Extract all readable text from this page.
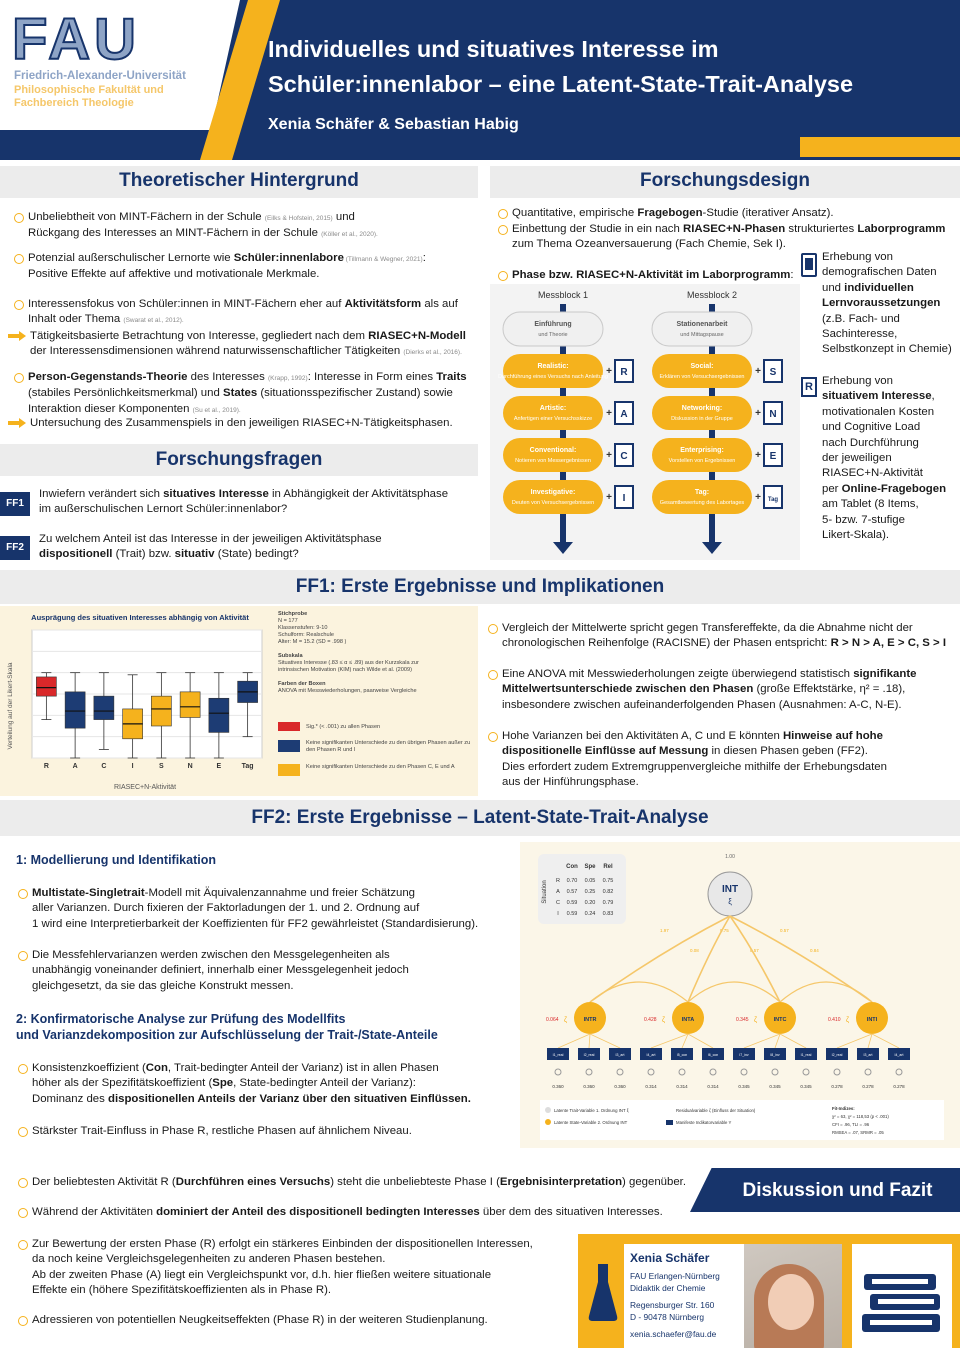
FAU
Friedrich-Alexander-Universität
Philosophische Fakultät und
Fachbereich Theologie
Individuelles und situatives Interesse im
Schüler:innenlabor – eine Latent-State-Trait-Analyse
Xenia Schäfer & Sebastian Habig
Theoretischer Hintergrund
Unbeliebtheit von MINT-Fächern in der Schule (Eilks & Hofstein, 2015) und
Rückgang des Interesses an MINT-Fächern in der Schule (Köller et al., 2020).
Potenzial außerschulischer Lernorte wie Schüler:innenlabore (Tillmann & Wegner, 2021):
Positive Effekte auf affektive und motivationale Merkmale.
Interessensfokus von Schüler:innen in MINT-Fächern eher auf Aktivitätsform als auf
Inhalt oder Thema (Swarat et al., 2012).
Tätigkeitsbasierte Betrachtung von Interesse, gegliedert nach dem RIASEC+N-Modell
der Interessensdimensionen während naturwissenschaftlicher Tätigkeiten (Dierks et al., 2016).
Person-Gegenstands-Theorie des Interesses (Krapp, 1992): Interesse in Form eines Traits
(stabiles Persönlichkeitsmerkmal) und States (situationsspezifischer Zustand) sowie
Interaktion dieser Komponenten (Su et al., 2019).
Untersuchung des Zusammenspiels in den jeweiligen RIASEC+N-Tätigkeitsphasen.
Forschungsfragen
FF1
Inwiefern verändert sich situatives Interesse in Abhängigkeit der Aktivitätsphase
im außerschulischen Lernort Schüler:innenlabor?
FF2
Zu welchem Anteil ist das Interesse in der jeweiligen Aktivitätsphase
dispositionell (Trait) bzw. situativ (State) bedingt?
Forschungsdesign
Quantitative, empirische Fragebogen-Studie (iterativer Ansatz).
Einbettung der Studie in ein nach RIASEC+N-Phasen strukturiertes Laborprogramm
zum Thema Ozeanversauerung (Fach Chemie, Sek I).
Phase bzw. RIASEC+N-Aktivität im Laborprogramm:
Messblock 1	Messblock 2
Einführung
und Theorie
Realistic:
Durchführung eines Versuchs nach Anleitung
+ R
Artistic:
Anfertigen einer Versuchsskizze + A
Conventional:
Notieren von Messergebnissen + C
Investigative:
Deuten von Versuchsergebnissen + I
Stationenarbeit
und Mittagspause
Social:
Erklären von Versuchsergebnissen + S
Networking:
Diskussion in der Gruppe + N
Enterprising:
Vorstellen von Ergebnissen + E
Tag:
Gesamtbewertung des Labortages + Tag
Erhebung von
demografischen Daten
und individuellen
Lernvoraussetzungen
(z.B. Fach- und
Sachinteresse,
Selbstkonzept in Chemie)
R Erhebung von
situativem Interesse,
motivationalen Kosten
und Cognitive Load
nach Durchführung
der jeweiligen
RIASEC+N-Aktivität
per Online-Fragebogen
am Tablet (8 Items,
5- bzw. 7-stufige
Likert-Skala).
FF1: Erste Ergebnisse und Implikationen
Ausprägung des situativen Interesses abhängig von Aktivität
Verteilung auf der Likert-Skala
RIASEC+N-Aktivität
R	A	C	I	S	N	E	Tag
Stichprobe
N = 177
Klassenstufen: 9-10
Schulform: Realschule
Alter: M = 15.2 (SD = .998 )

Subskala
Situatives Interesse (.83 ≤ α ≤ .89) aus der Kurzskala zur
intrinsischen Motivation (KIM) nach Wilde et al. (2009)

Farben der Boxen
ANOVA mit Messwiederholungen, paarweise Vergleiche
Sig.* (< .001) zu allen Phasen
Keine signifikanten Unterschiede zu den übrigen Phasen außer zu den Phasen R und I
Keine signifikanten Unterschiede zu den Phasen C, E und A
Vergleich der Mittelwerte spricht gegen Transfereffekte, da die Abnahme nicht der
chronologischen Reihenfolge (RACISNE) der Phasen entspricht: R > N > A, E > C, S > I
Eine ANOVA mit Messwiederholungen zeigte überwiegend statistisch signifikante
Mittelwertsunterschiede zwischen den Phasen (große Effektstärke, η² = .18),
insbesondere zwischen aufeinanderfolgenden Phasen (Ausnahmen: A-C, N-E).
Hohe Varianzen bei den Aktivitäten A, C und E könnten Hinweise auf hohe
dispositionelle Einflüsse auf Messung in diesen Phasen geben (FF2).
Dies erfordert zudem Extremgruppenvergleiche mithilfe der Erhebungsdaten
aus der Hinführungsphase.
FF2: Erste Ergebnisse – Latent-State-Trait-Analyse
1: Modellierung und Identifikation
Multistate-Singletrait-Modell mit Äquivalenzannahme und freier Schätzung
aller Varianzen. Durch fixieren der Faktorladungen der 1. und 2. Ordnung auf
1 wird eine Interpretierbarkeit der Koeffizienten für FF2 gewährleistet (Standardisierung).
Die Messfehlervarianzen werden zwischen den Messgelegenheiten als
unabhängig voneinander definiert, innerhalb einer Messgelegenheit jedoch
gleichgesetzt, da sie das gleiche Konstrukt messen.
2: Konfirmatorische Analyse zur Prüfung des Modellfits
und Varianzdekomposition zur Aufschlüsselung der Trait-/State-Anteile
Konsistenzkoeffizient (Con, Trait-bedingter Anteil der Varianz) ist in allen Phasen
höher als der Spezifitätskoeffizient (Spe, State-bedingter Anteil der Varianz):
Dominanz des dispositionellen Anteils der Varianz über den situativen Einflüssen.
Stärkster Trait-Einfluss in Phase R, restliche Phasen auf ähnlichem Niveau.
Con Spe Rel
R 0.70 0.05 0.75
A 0.57 0.25 0.82
C 0.59 0.20 0.79
I 0.59 0.24 0.83
Situation
1.00
INT
ξ
1.97
0.08
0.75
0.57
0.57
0.84
INTR
0.064 ζ	INTA
0.428 ζ	INTC
0.345 ζ	INTI
0.410 ζ
I1_real
0.360
I2_real
0.360
I3_art
0.360
I4_art
0.314
I5_con
0.314
I6_con
0.314
I7_inv
0.345
I8_inv
0.345
I1_real
0.345
I2_real
0.278
I3_art
0.278
I4_art
0.278
Latente Trait-Variable 1. Ordnung INT ξ
Latente State-Variable 2. Ordnung INT
Residualvariable ζ (Einfluss der Situation)
Manifeste Indikatorvariable Y
Fit-Indizes:
χ² = 63, χ² = 118,53 (p < .001)
CFI = .96, TLI = .96
RMSEA = .07, SRMR = .05
Der beliebtesten Aktivität R (Durchführen eines Versuchs) steht die unbeliebteste Phase I (Ergebnisinterpretation) gegenüber.
Während der Aktivitäten dominiert der Anteil des dispositionell bedingten Interesses über dem des situativen Interesses.
Zur Bewertung der ersten Phase (R) erfolgt ein stärkeres Einbinden der dispositionellen Interessen,
da noch keine Vergleichsgelegenheiten zu anderen Phasen bestehen.
Ab der zweiten Phase (A) liegt ein Vergleichspunkt vor, d.h. hier fließen weitere situationale
Effekte ein (höhere Spezifitätskoeffizienten als in Phase R).
Adressieren von potentiellen Neugkeitseffekten (Phase R) in der weiteren Studienplanung.
Diskussion und Fazit
Xenia Schäfer
FAU Erlangen-Nürnberg
Didaktik der Chemie

Regensburger Str. 160
D - 90478 Nürnberg

xenia.schaefer@fau.de
